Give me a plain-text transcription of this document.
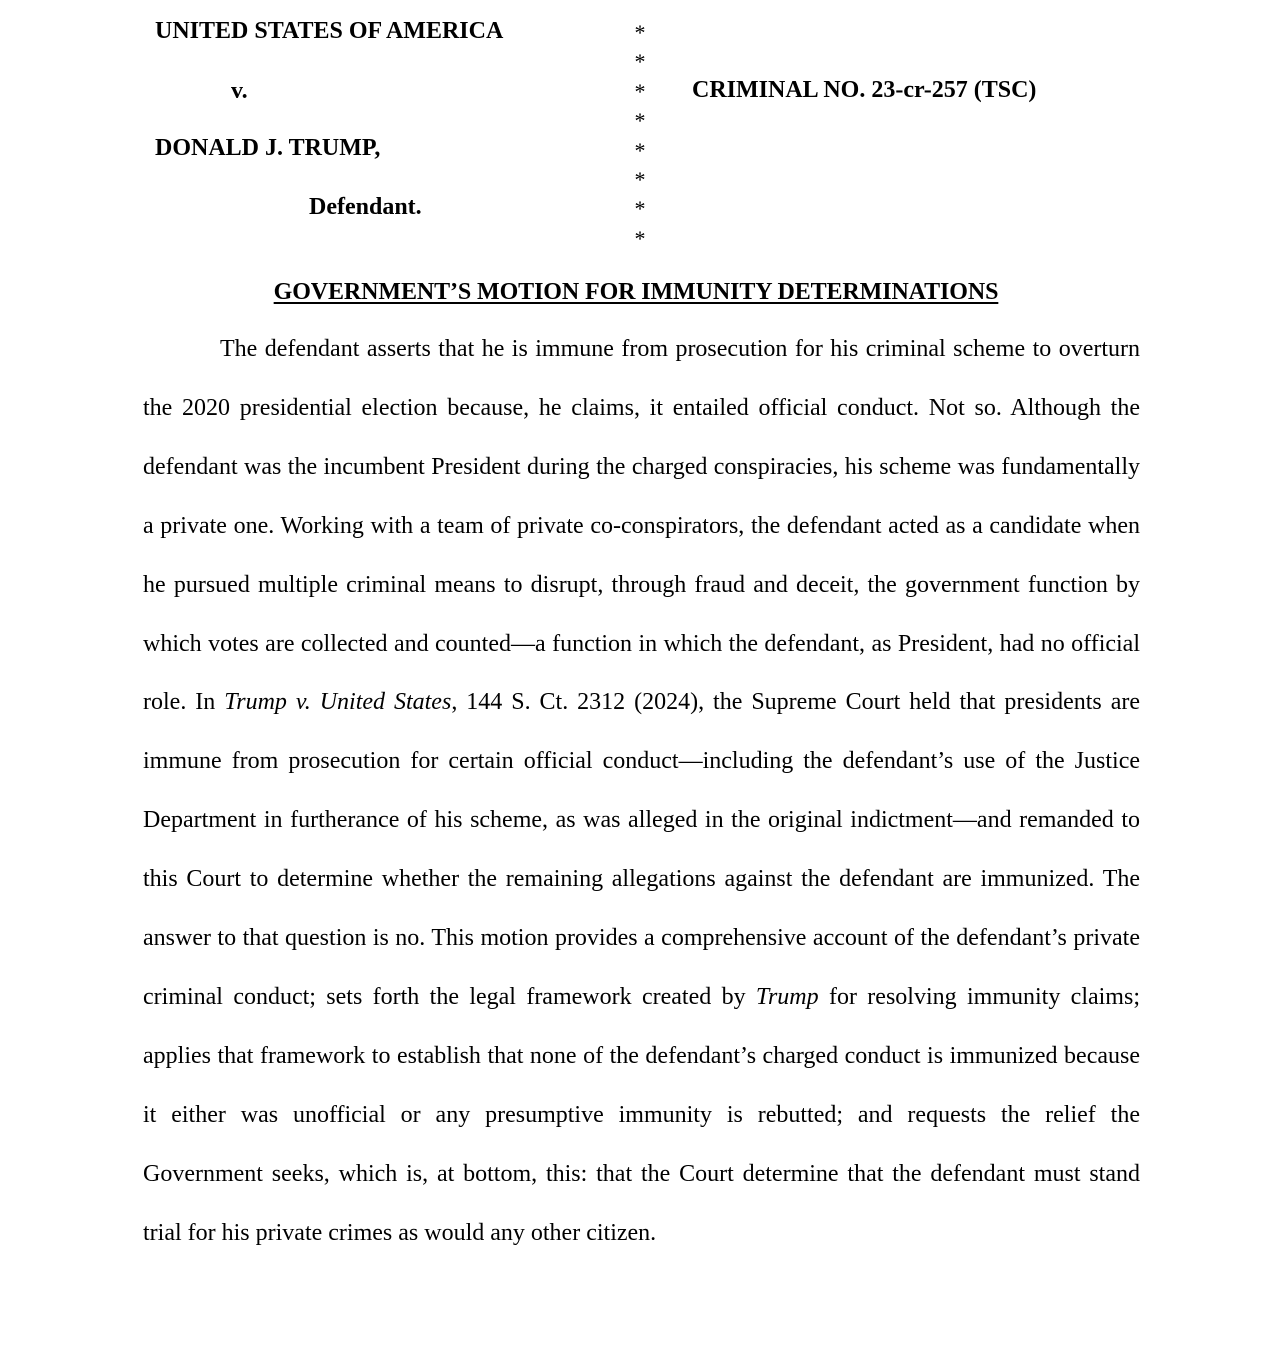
UNITED STATES OF AMERICA
v.
DONALD J. TRUMP,
Defendant.
*
*
*
*
*
*
*
*
CRIMINAL NO. 23-cr-257 (TSC)
GOVERNMENT’S MOTION FOR IMMUNITY DETERMINATIONS

The defendant asserts that he is immune from prosecution for his criminal scheme to overturn the 2020 presidential election because, he claims, it entailed official conduct. Not so. Although the defendant was the incumbent President during the charged conspiracies, his scheme was fundamentally a private one. Working with a team of private co-conspirators, the defendant acted as a candidate when he pursued multiple criminal means to disrupt, through fraud and deceit, the government function by which votes are collected and counted—a function in which the defendant, as President, had no official role. In Trump v. United States, 144 S. Ct. 2312 (2024), the Supreme Court held that presidents are immune from prosecution for certain official conduct—including the defendant’s use of the Justice Department in furtherance of his scheme, as was alleged in the original indictment—and remanded to this Court to determine whether the remaining allegations against the defendant are immunized. The answer to that question is no. This motion provides a comprehensive account of the defendant’s private criminal conduct; sets forth the legal framework created by Trump for resolving immunity claims; applies that framework to establish that none of the defendant’s charged conduct is immunized because it either was unofficial or any presumptive immunity is rebutted; and requests the relief the Government seeks, which is, at bottom, this: that the Court determine that the defendant must stand trial for his private crimes as would any other citizen.
